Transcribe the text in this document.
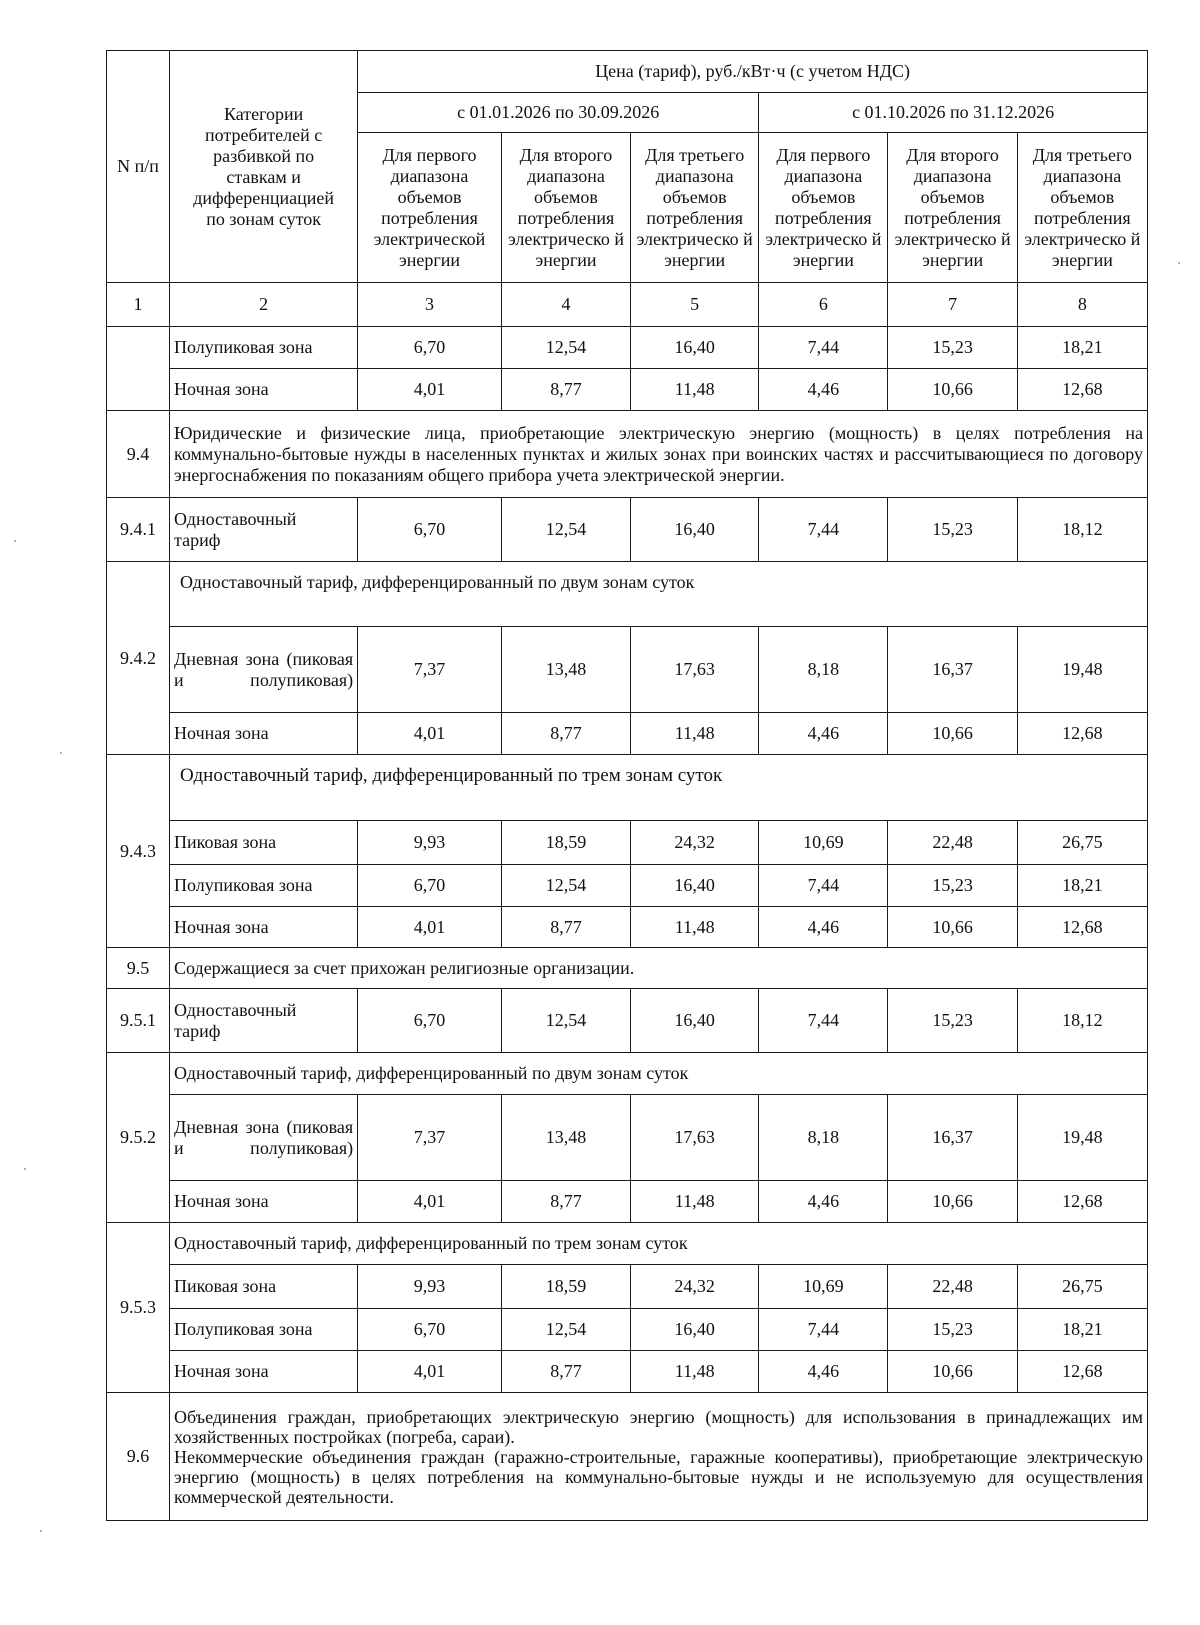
N п/п	Категории потребителей с разбивкой по ставкам и дифференциацией по зонам суток	Цена (тариф), руб./кВт·ч (с учетом НДС)					
		с 01.01.2026 по 30.09.2026			с 01.10.2026 по 31.12.2026		
		Для первого диапазона объемов потребления электрической энергии	Для второго диапазона объемов потребления электрическо й энергии	Для третьего диапазона объемов потребления электрическо й энергии	Для первого диапазона объемов потребления электрическо й энергии	Для второго диапазона объемов потребления электрическо й энергии	Для третьего диапазона объемов потребления электрическо й энергии
1	2	3	4	5	6	7	8
	Полупиковая зона	6,70	12,54	16,40	7,44	15,23	18,21
	Ночная зона	4,01	8,77	11,48	4,46	10,66	12,68
9.4	Юридические и физические лица, приобретающие электрическую энергию (мощность) в целях потребления на коммунально-бытовые нужды в населенных пунктах и жилых зонах при воинских частях и рассчитывающиеся по договору энергоснабжения по показаниям общего прибора учета электрической энергии.						
9.4.1	Одноставочный тариф	6,70	12,54	16,40	7,44	15,23	18,12
9.4.2	Одноставочный тариф, дифференцированный по двум зонам суток						
	Дневная зона (пиковая и полупиковая)	7,37	13,48	17,63	8,18	16,37	19,48
	Ночная зона	4,01	8,77	11,48	4,46	10,66	12,68
9.4.3	Одноставочный тариф, дифференцированный по трем зонам суток						
	Пиковая зона	9,93	18,59	24,32	10,69	22,48	26,75
	Полупиковая зона	6,70	12,54	16,40	7,44	15,23	18,21
	Ночная зона	4,01	8,77	11,48	4,46	10,66	12,68
9.5	Содержащиеся за счет прихожан религиозные организации.						
9.5.1	Одноставочный тариф	6,70	12,54	16,40	7,44	15,23	18,12
9.5.2	Одноставочный тариф, дифференцированный по двум зонам суток						
	Дневная зона (пиковая и полупиковая)	7,37	13,48	17,63	8,18	16,37	19,48
	Ночная зона	4,01	8,77	11,48	4,46	10,66	12,68
9.5.3	Одноставочный тариф, дифференцированный по трем зонам суток						
	Пиковая зона	9,93	18,59	24,32	10,69	22,48	26,75
	Полупиковая зона	6,70	12,54	16,40	7,44	15,23	18,21
	Ночная зона	4,01	8,77	11,48	4,46	10,66	12,68
9.6	Объединения граждан, приобретающих электрическую энергию (мощность) для использования в принадлежащих им хозяйственных постройках (погреба, сараи).
Некоммерческие объединения граждан (гаражно-строительные, гаражные кооперативы), приобретающие электрическую энергию (мощность) в целях потребления на коммунально-бытовые нужды и не используемую для осуществления коммерческой деятельности.						
